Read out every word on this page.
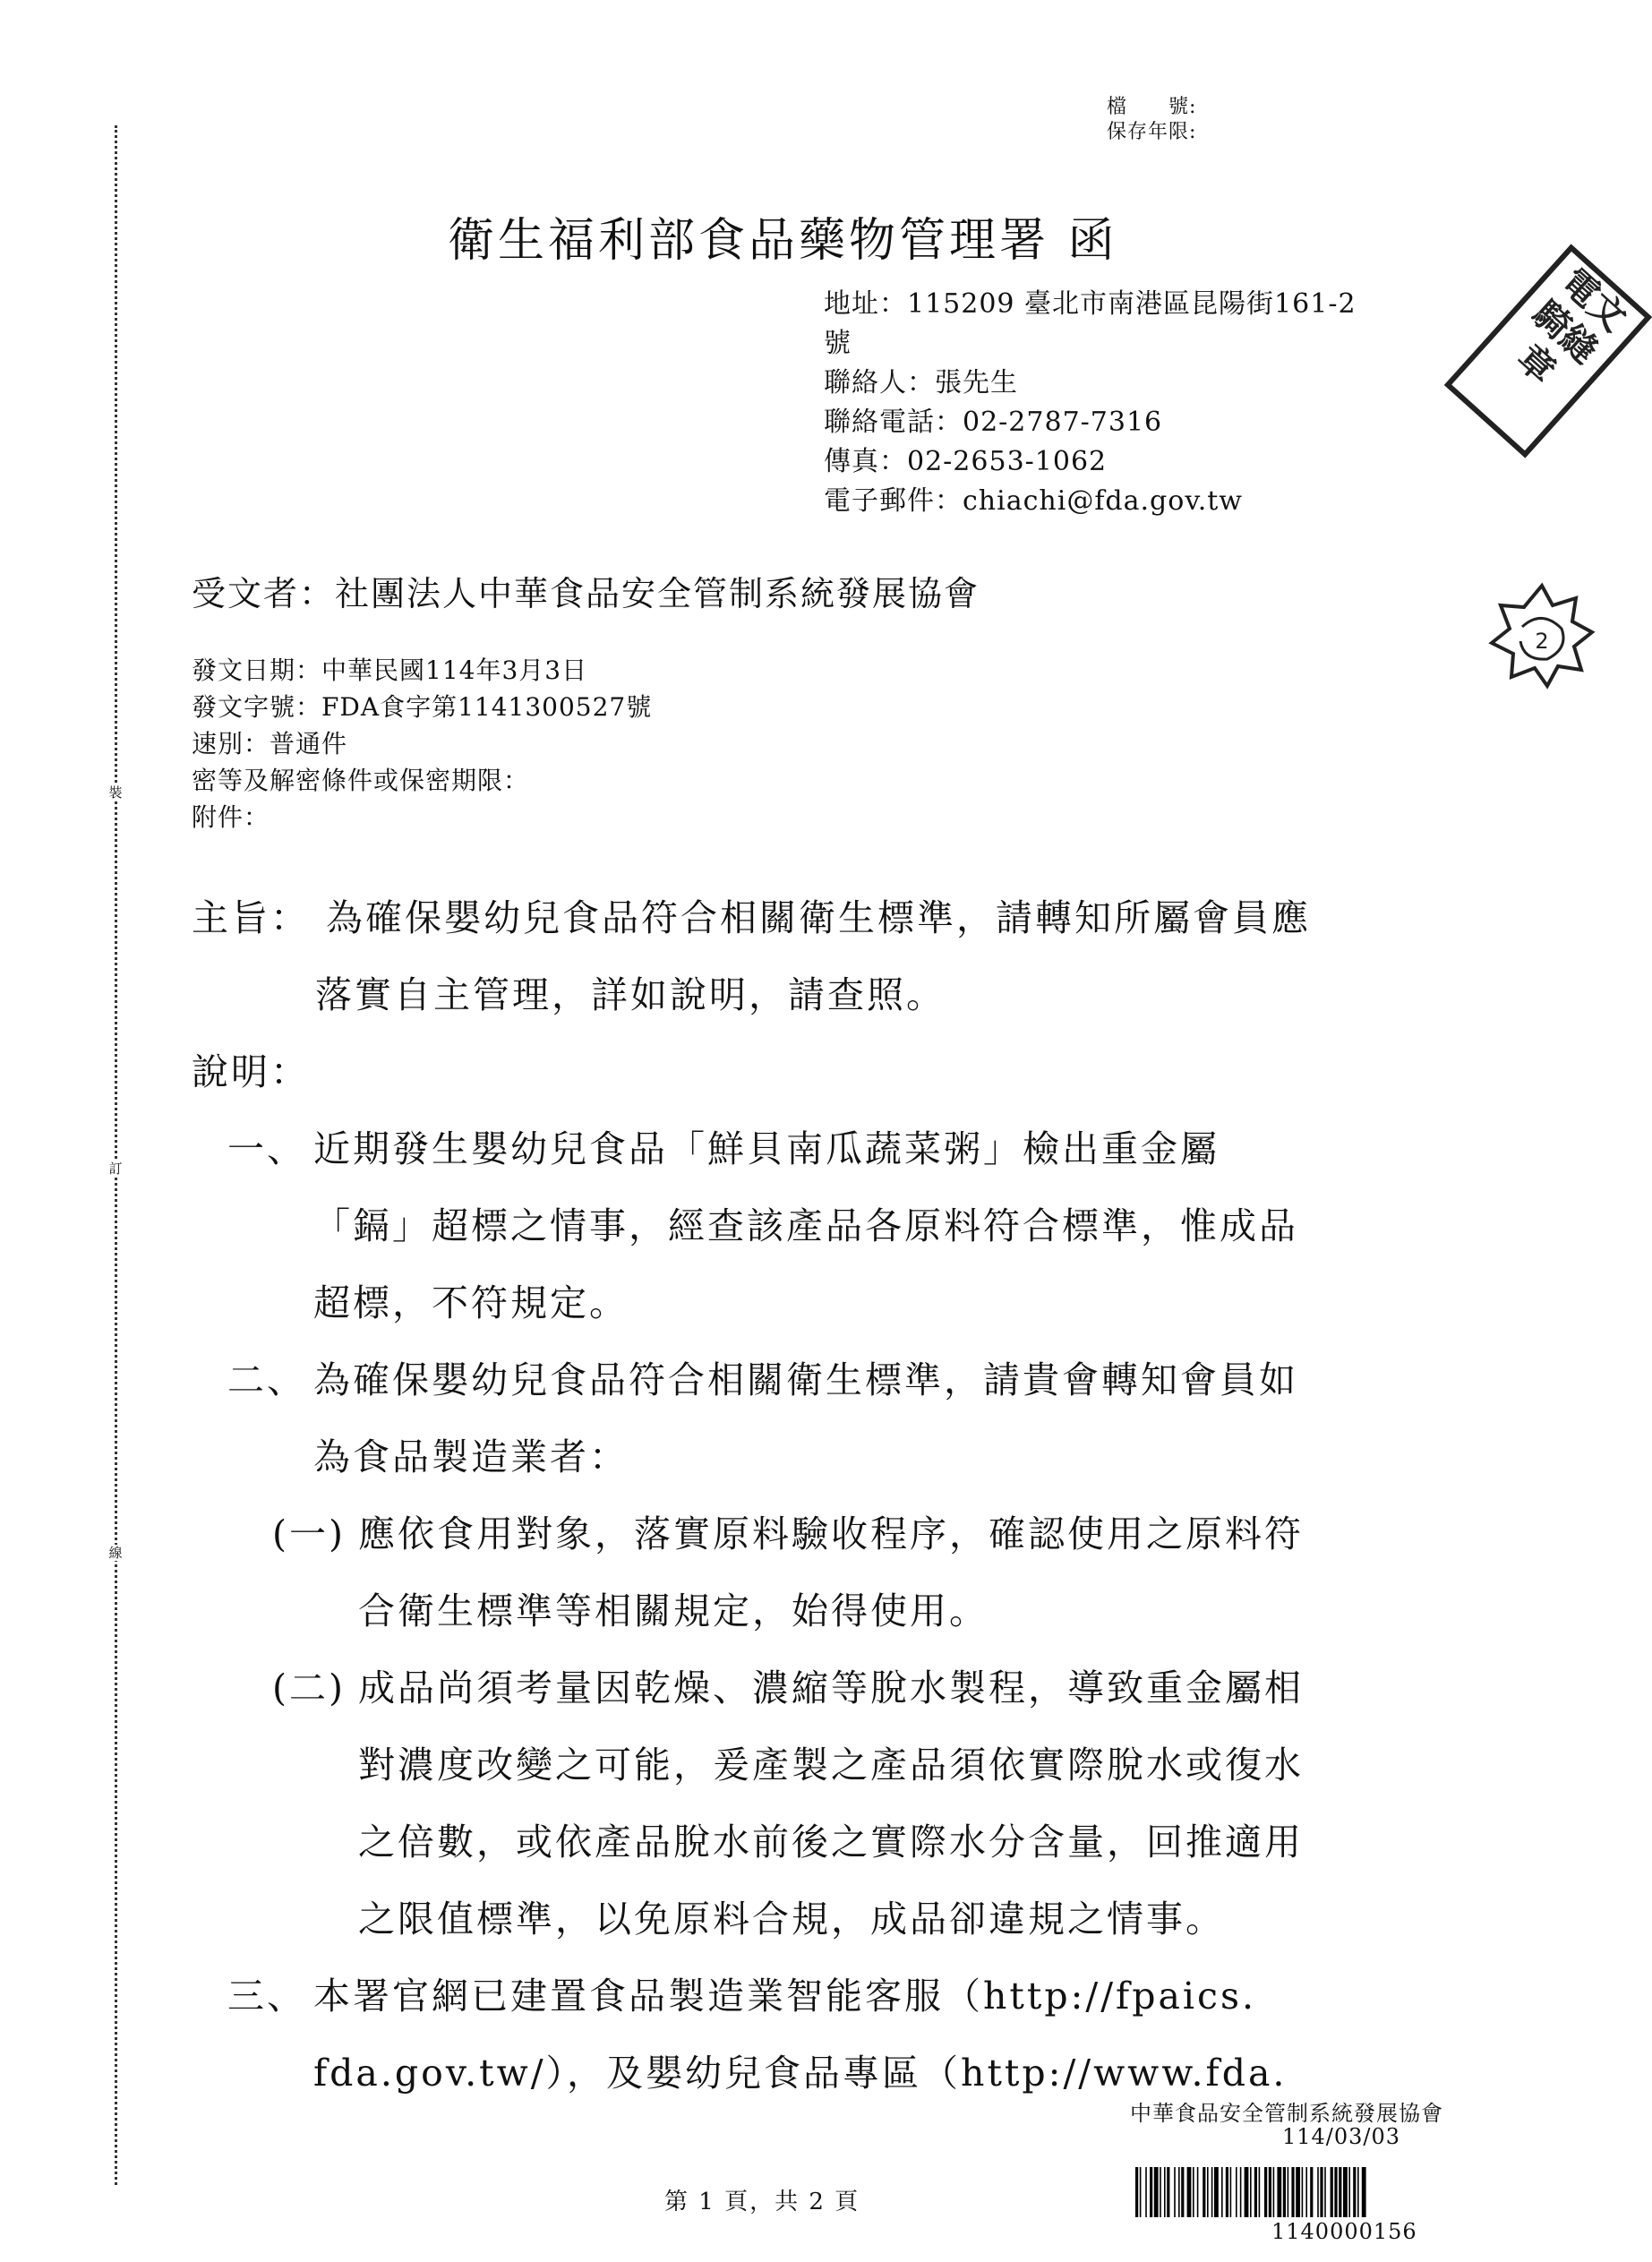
裝
訂
線
檔　　號:
保存年限:
衛生福利部食品藥物管理署 函
地址：115209 臺北市南港區昆陽街161-2
號
聯絡人：張先生
聯絡電話：02-2787-7316
傳真：02-2653-1062
電子郵件：chiachi@fda.gov.tw
電文 騎縫章
2
受文者：社團法人中華食品安全管制系統發展協會
發文日期：中華民國114年3月3日
發文字號：FDA食字第1141300527號
速別：普通件
密等及解密條件或保密期限：
附件：
主旨： 為確保嬰幼兒食品符合相關衛生標準，請轉知所屬會員應
落實自主管理，詳如說明，請查照。
說明：
一、 近期發生嬰幼兒食品「鮮貝南瓜蔬菜粥」檢出重金屬
「鎘」超標之情事，經查該產品各原料符合標準，惟成品
超標，不符規定。
二、 為確保嬰幼兒食品符合相關衛生標準，請貴會轉知會員如
為食品製造業者：
(一) 應依食用對象，落實原料驗收程序，確認使用之原料符
合衛生標準等相關規定，始得使用。
(二) 成品尚須考量因乾燥、濃縮等脫水製程，導致重金屬相
對濃度改變之可能，爰產製之產品須依實際脫水或復水
之倍數，或依產品脫水前後之實際水分含量，回推適用
之限值標準，以免原料合規，成品卻違規之情事。
三、 本署官網已建置食品製造業智能客服（http://fpaics.
fda.gov.tw/），及嬰幼兒食品專區（http://www.fda.
中華食品安全管制系統發展協會
114/03/03
第 1 頁，共 2 頁
1140000156
